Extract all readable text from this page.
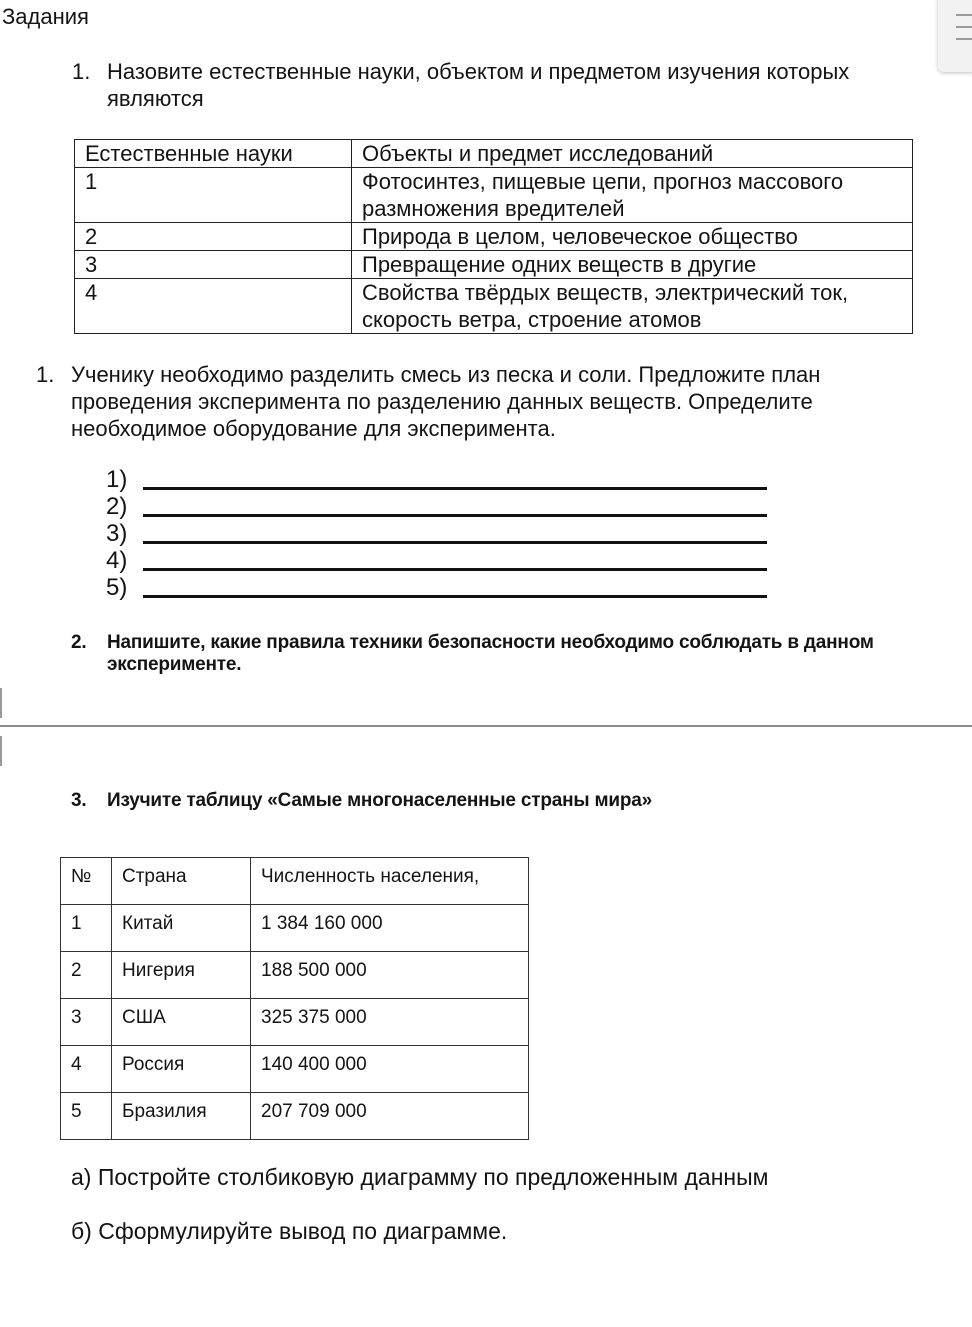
Задания
1. Назовите естественные науки, объектом и предметом изучения которых
являются
Естественные науки	Объекты и предмет исследований
1	Фотосинтез, пищевые цепи, прогноз массового
размножения вредителей
2	Природа в целом, человеческое общество
3	Превращение одних веществ в другие
4	Свойства твёрдых веществ, электрический ток,
скорость ветра, строение атомов
1. Ученику необходимо разделить смесь из песка и соли. Предложите план
проведения эксперимента по разделению данных веществ. Определите
необходимое оборудование для эксперимента.
1)
2)
3)
4)
5)
2. Напишите, какие правила техники безопасности необходимо соблюдать в данном
эксперименте.
3. Изучите таблицу «Самые многонаселенные страны мира»
№	Страна	Численность населения,
1	Китай	1 384 160 000
2	Нигерия	188 500 000
3	США	325 375 000
4	Россия	140 400 000
5	Бразилия	207 709 000
а) Постройте столбиковую диаграмму по предложенным данным
б) Сформулируйте вывод по диаграмме.
